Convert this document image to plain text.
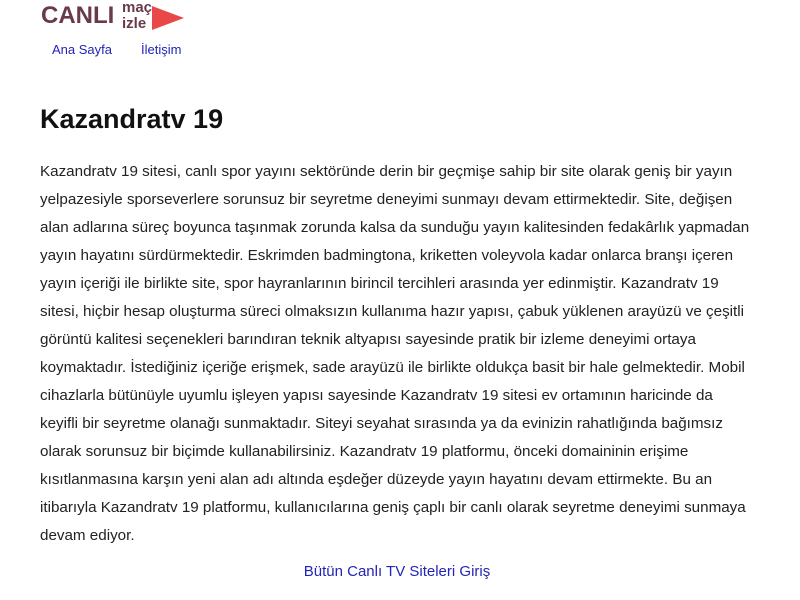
CANLI maç
izle
Ana Sayfa İletişim
Kazandratv 19

Kazandratv 19 sitesi, canlı spor yayını sektöründe derin bir geçmişe sahip bir site olarak geniş bir yayın yelpazesiyle sporseverlere sorunsuz bir seyretme deneyimi sunmayı devam ettirmektedir. Site, değişen alan adlarına süreç boyunca taşınmak zorunda kalsa da sunduğu yayın kalitesinden fedakârlık yapmadan yayın hayatını sürdürmektedir. Eskrimden badmingtona, kriketten voleyvola kadar onlarca branşı içeren yayın içeriği ile birlikte site, spor hayranlarının birincil tercihleri arasında yer edinmiştir. Kazandratv 19 sitesi, hiçbir hesap oluşturma süreci olmaksızın kullanıma hazır yapısı, çabuk yüklenen arayüzü ve çeşitli görüntü kalitesi seçenekleri barındıran teknik altyapısı sayesinde pratik bir izleme deneyimi ortaya koymaktadır. İstediğiniz içeriğe erişmek, sade arayüzü ile birlikte oldukça basit bir hale gelmektedir. Mobil cihazlarla bütünüyle uyumlu işleyen yapısı sayesinde Kazandratv 19 sitesi ev ortamının haricinde da keyifli bir seyretme olanağı sunmaktadır. Siteyi seyahat sırasında ya da evinizin rahatlığında bağımsız olarak sorunsuz bir biçimde kullanabilirsiniz. Kazandratv 19 platformu, önceki domaininin erişime kısıtlanmasına karşın yeni alan adı altında eşdeğer düzeyde yayın hayatını devam ettirmekte. Bu an itibarıyla Kazandratv 19 platformu, kullanıcılarına geniş çaplı bir canlı olarak seyretme deneyimi sunmaya devam ediyor.

Bütün Canlı TV Siteleri Giriş
